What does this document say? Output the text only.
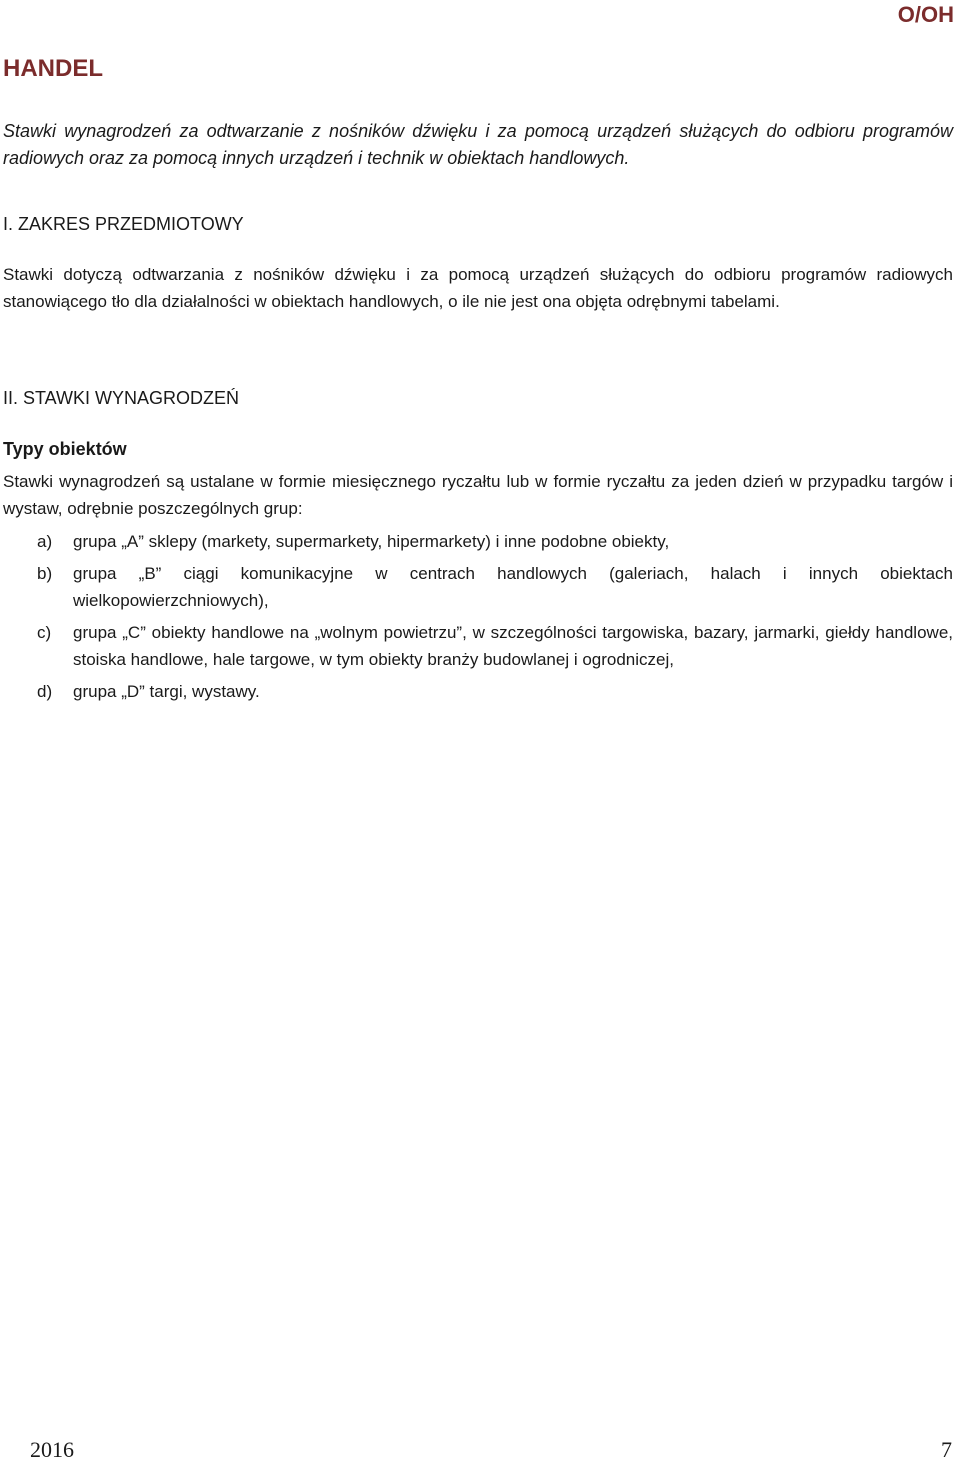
O/OH
HANDEL
Stawki wynagrodzeń za odtwarzanie z nośników dźwięku i za pomocą urządzeń służących do odbioru programów radiowych oraz za pomocą innych urządzeń i technik w obiektach handlowych.
I. ZAKRES PRZEDMIOTOWY
Stawki dotyczą odtwarzania z nośników dźwięku i za pomocą urządzeń służących do odbioru programów radiowych stanowiącego tło dla działalności w obiektach handlowych, o ile nie jest ona objęta odrębnymi tabelami.
II. STAWKI WYNAGRODZEŃ
Typy obiektów
Stawki wynagrodzeń są ustalane w formie miesięcznego ryczałtu lub w formie ryczałtu za jeden dzień w przypadku targów i wystaw, odrębnie poszczególnych grup:
a) grupa „A” sklepy (markety, supermarkety, hipermarkety) i inne podobne obiekty,
b) grupa „B” ciągi komunikacyjne w centrach handlowych (galeriach, halach i innych obiektach wielkopowierzchniowych),
c) grupa „C” obiekty handlowe na „wolnym powietrzu”, w szczególności targowiska, bazary, jarmarki, giełdy handlowe, stoiska handlowe, hale targowe, w tym obiekty branży budowlanej i ogrodniczej,
d) grupa „D” targi, wystawy.
2016	7
